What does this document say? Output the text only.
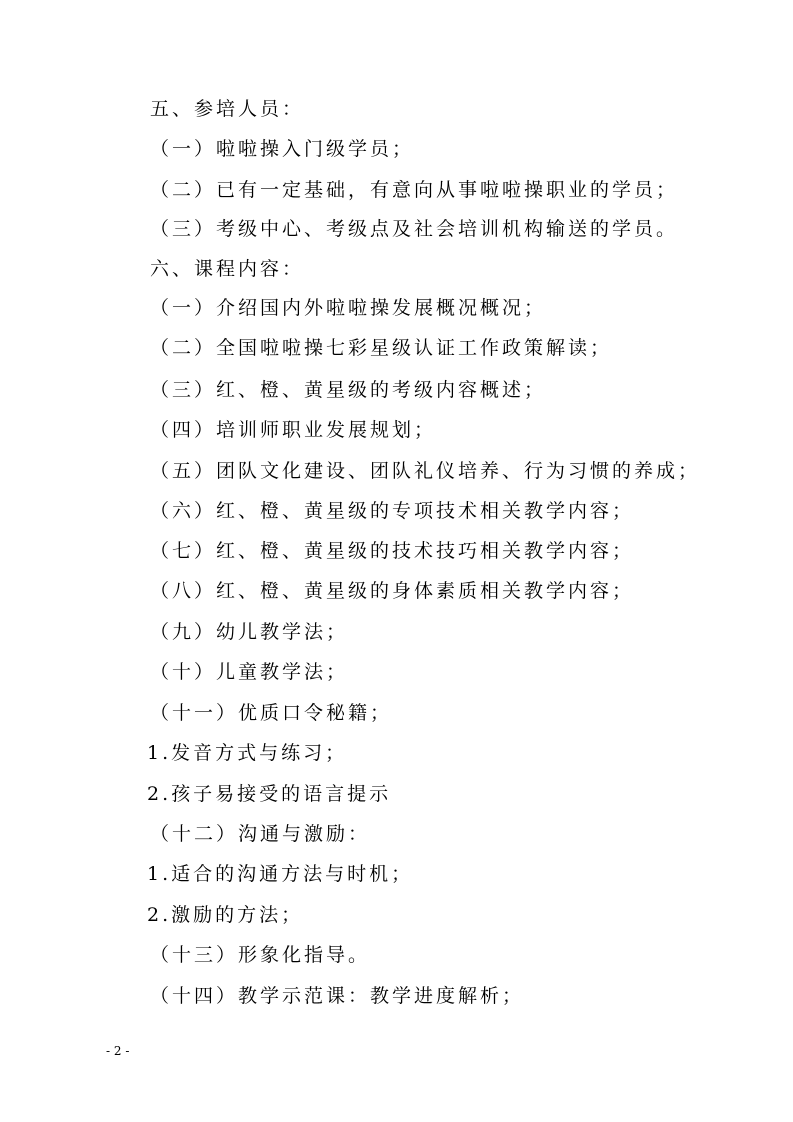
五、参培人员：
（一）啦啦操入门级学员；
（二）已有一定基础，有意向从事啦啦操职业的学员；
（三）考级中心、考级点及社会培训机构输送的学员。
六、课程内容：
（一）介绍国内外啦啦操发展概况概况；
（二）全国啦啦操七彩星级认证工作政策解读；
（三）红、橙、黄星级的考级内容概述；
（四）培训师职业发展规划；
（五）团队文化建设、团队礼仪培养、行为习惯的养成；
（六）红、橙、黄星级的专项技术相关教学内容；
（七）红、橙、黄星级的技术技巧相关教学内容；
（八）红、橙、黄星级的身体素质相关教学内容；
（九）幼儿教学法；
（十）儿童教学法；
（十一）优质口令秘籍；
1.发音方式与练习；
2.孩子易接受的语言提示
（十二）沟通与激励：
1.适合的沟通方法与时机；
2.激励的方法；
（十三）形象化指导。
（十四）教学示范课：教学进度解析；
- 2 -
